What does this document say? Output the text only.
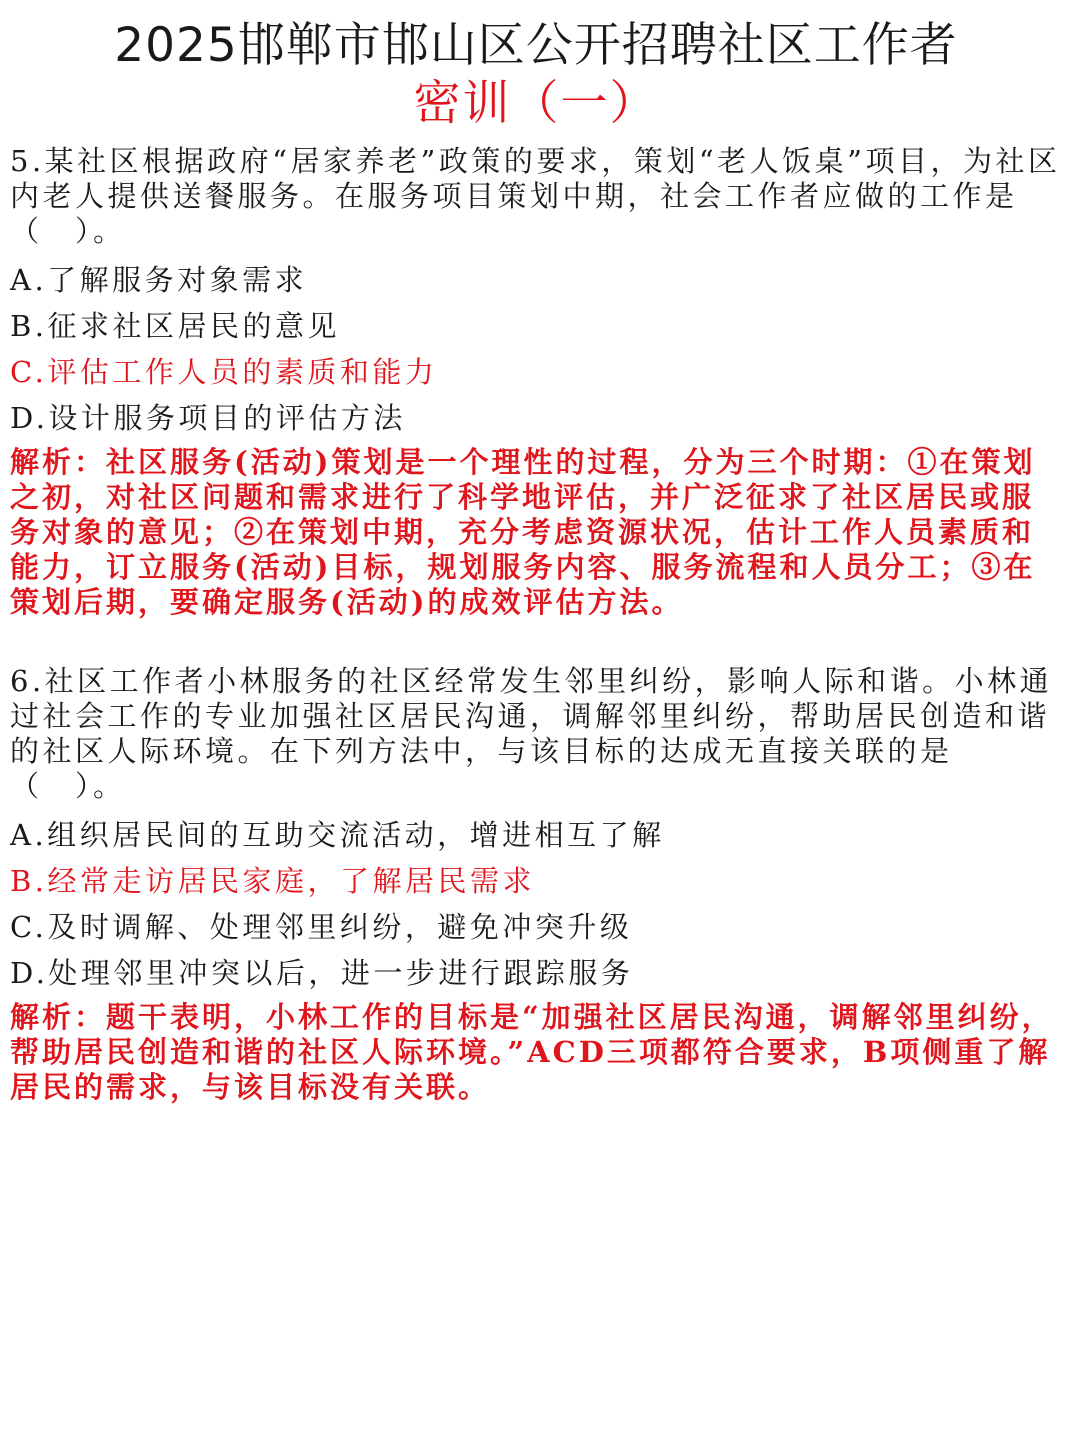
2025邯郸市邯山区公开招聘社区工作者
密训（一）

5.某社区根据政府“居家养老”政策的要求，策划“老人饭桌”项目，为社区内老人提供送餐服务。在服务项目策划中期，社会工作者应做的工作是（　）。

A.了解服务对象需求

B.征求社区居民的意见

C.评估工作人员的素质和能力

D.设计服务项目的评估方法

解析：社区服务(活动)策划是一个理性的过程，分为三个时期：①在策划之初，对社区问题和需求进行了科学地评估，并广泛征求了社区居民或服务对象的意见；②在策划中期，充分考虑资源状况，估计工作人员素质和能力，订立服务(活动)目标，规划服务内容、服务流程和人员分工；③在策划后期，要确定服务(活动)的成效评估方法。

6.社区工作者小林服务的社区经常发生邻里纠纷，影响人际和谐。小林通过社会工作的专业加强社区居民沟通，调解邻里纠纷，帮助居民创造和谐的社区人际环境。在下列方法中，与该目标的达成无直接关联的是（　）。

A.组织居民间的互助交流活动，增进相互了解

B.经常走访居民家庭，了解居民需求

C.及时调解、处理邻里纠纷，避免冲突升级

D.处理邻里冲突以后，进一步进行跟踪服务

解析：题干表明，小林工作的目标是“加强社区居民沟通，调解邻里纠纷，帮助居民创造和谐的社区人际环境。”ACD三项都符合要求，B项侧重了解居民的需求，与该目标没有关联。
